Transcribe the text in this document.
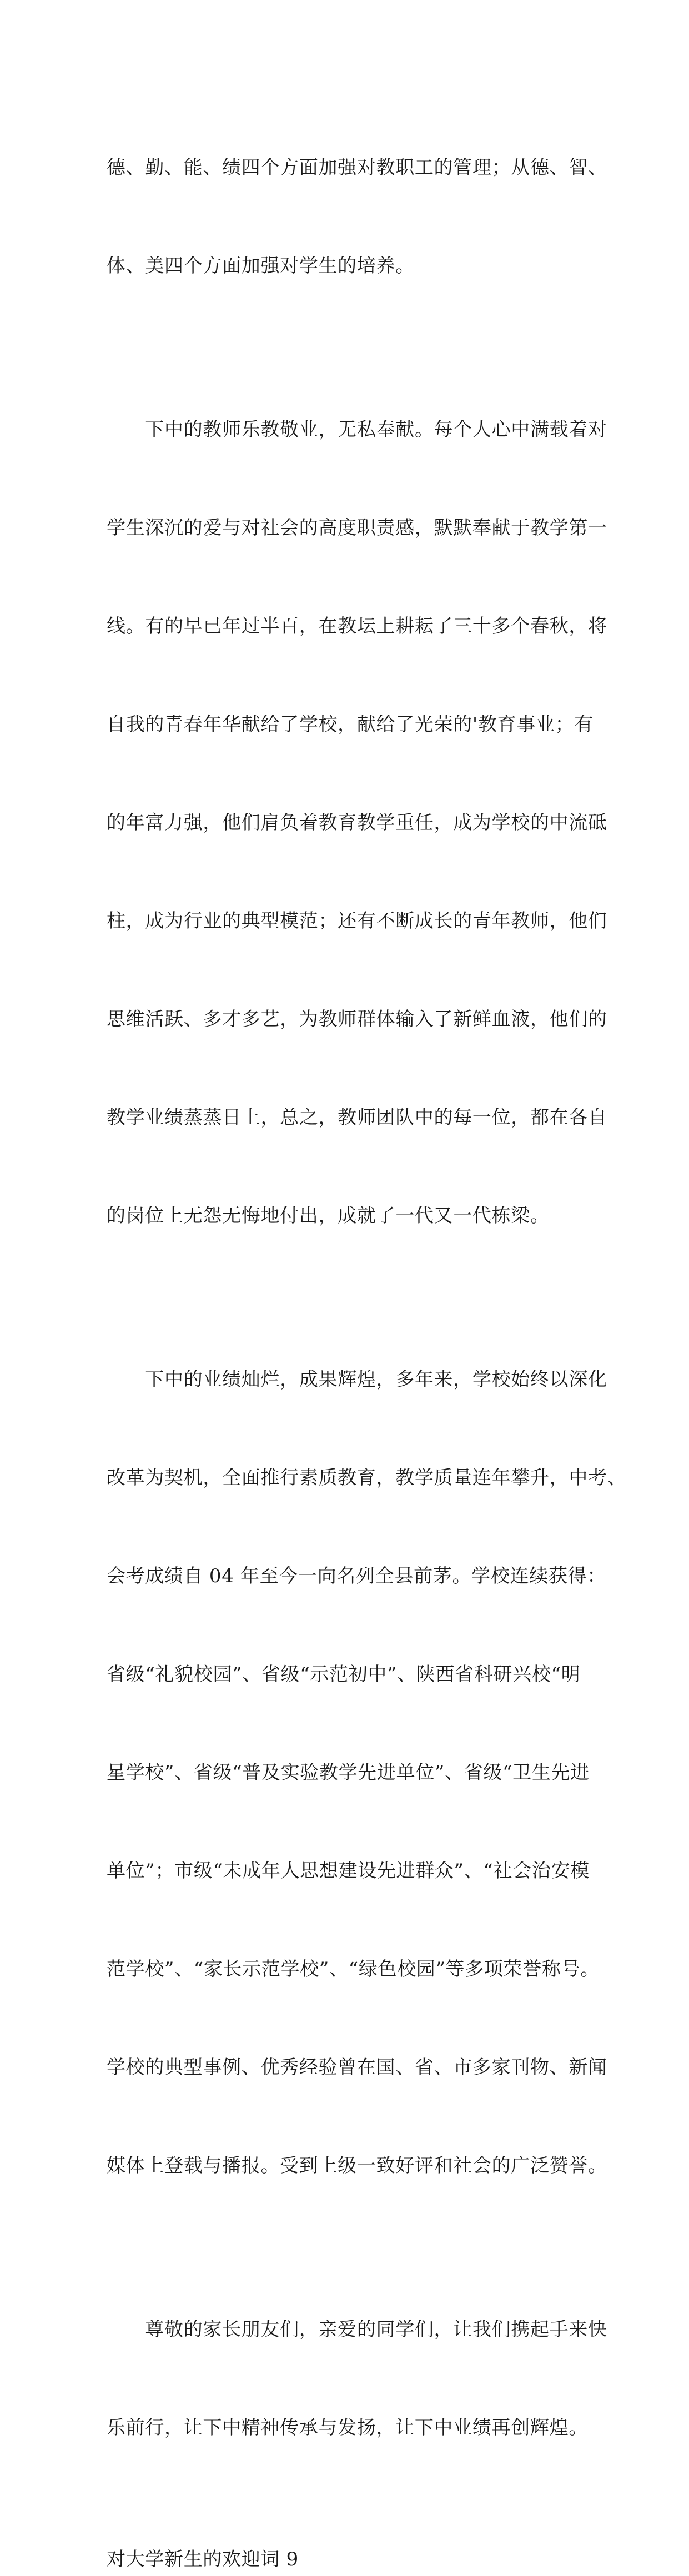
德、勤、能、绩四个方面加强对教职工的管理；从德、智、

体、美四个方面加强对学生的培养。

　　下中的教师乐教敬业，无私奉献。每个人心中满载着对

学生深沉的爱与对社会的高度职责感，默默奉献于教学第一

线。有的早已年过半百，在教坛上耕耘了三十多个春秋，将

自我的青春年华献给了学校，献给了光荣的'教育事业；有

的年富力强，他们肩负着教育教学重任，成为学校的中流砥

柱，成为行业的典型模范；还有不断成长的青年教师，他们

思维活跃、多才多艺，为教师群体输入了新鲜血液，他们的

教学业绩蒸蒸日上，总之，教师团队中的每一位，都在各自

的岗位上无怨无悔地付出，成就了一代又一代栋梁。

　　下中的业绩灿烂，成果辉煌，多年来，学校始终以深化

改革为契机，全面推行素质教育，教学质量连年攀升，中考、

会考成绩自 04 年至今一向名列全县前茅。学校连续获得：

省级“礼貌校园”、省级“示范初中”、陕西省科研兴校“明

星学校”、省级“普及实验教学先进单位”、省级“卫生先进

单位”；市级“未成年人思想建设先进群众”、“社会治安模

范学校”、“家长示范学校”、“绿色校园”等多项荣誉称号。

学校的典型事例、优秀经验曾在国、省、市多家刊物、新闻

媒体上登载与播报。受到上级一致好评和社会的广泛赞誉。

　　尊敬的家长朋友们，亲爱的同学们，让我们携起手来快

乐前行，让下中精神传承与发扬，让下中业绩再创辉煌。

对大学新生的欢迎词 9
